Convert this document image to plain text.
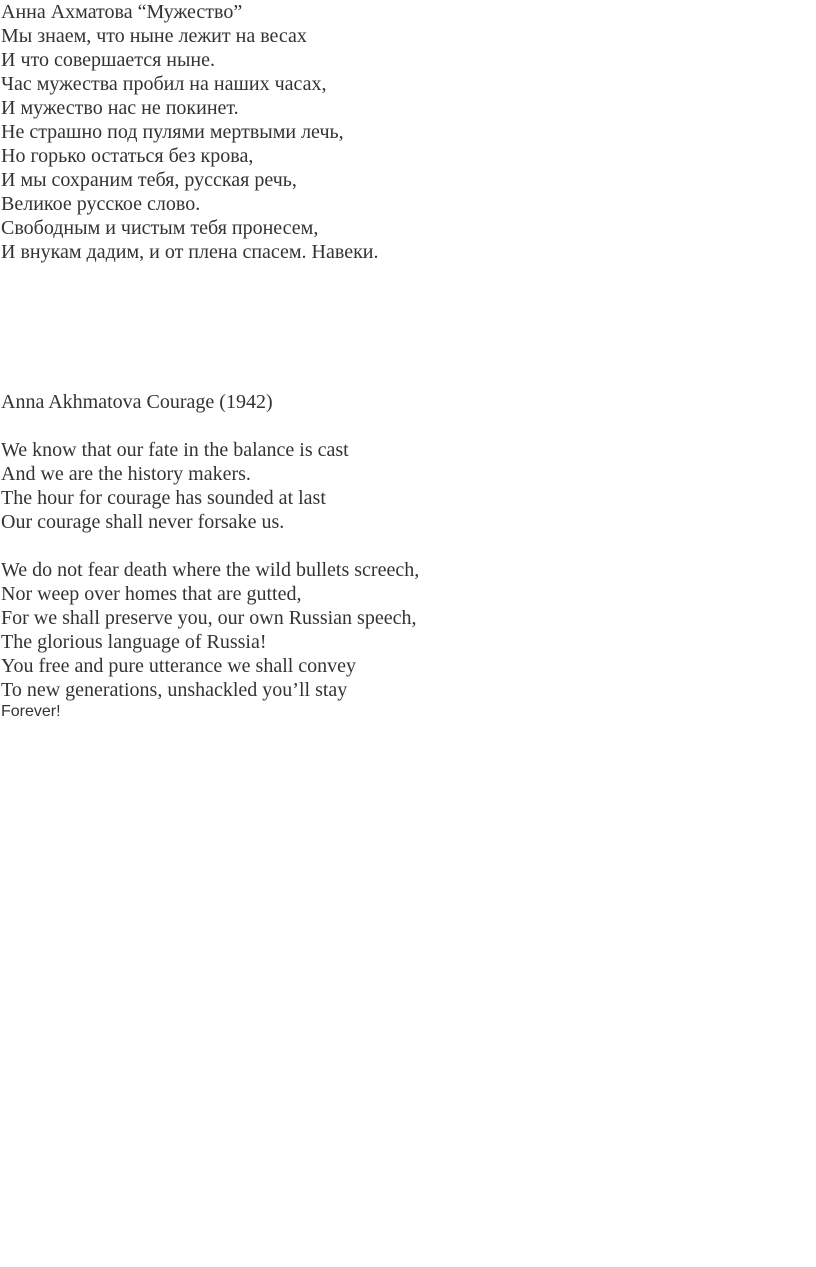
Анна Ахматова “Мужество”
Мы знаем, что ныне лежит на весах
И что совершается ныне.
Час мужества пробил на наших часах,
И мужество нас не покинет.
Не страшно под пулями мертвыми лечь,
Но горько остаться без крова,
И мы сохраним тебя, русская речь,
Великое русское слово.
Свободным и чистым тебя пронесем,
И внукам дадим, и от плена спасем. Навеки.
Anna Akhmatova Courage (1942)
We know that our fate in the balance is cast
And we are the history makers.
The hour for courage has sounded at last
Our courage shall never forsake us.
We do not fear death where the wild bullets screech,
Nor weep over homes that are gutted,
For we shall preserve you, our own Russian speech,
The glorious language of Russia!
You free and pure utterance we shall convey
To new generations, unshackled you’ll stay
Forever!
